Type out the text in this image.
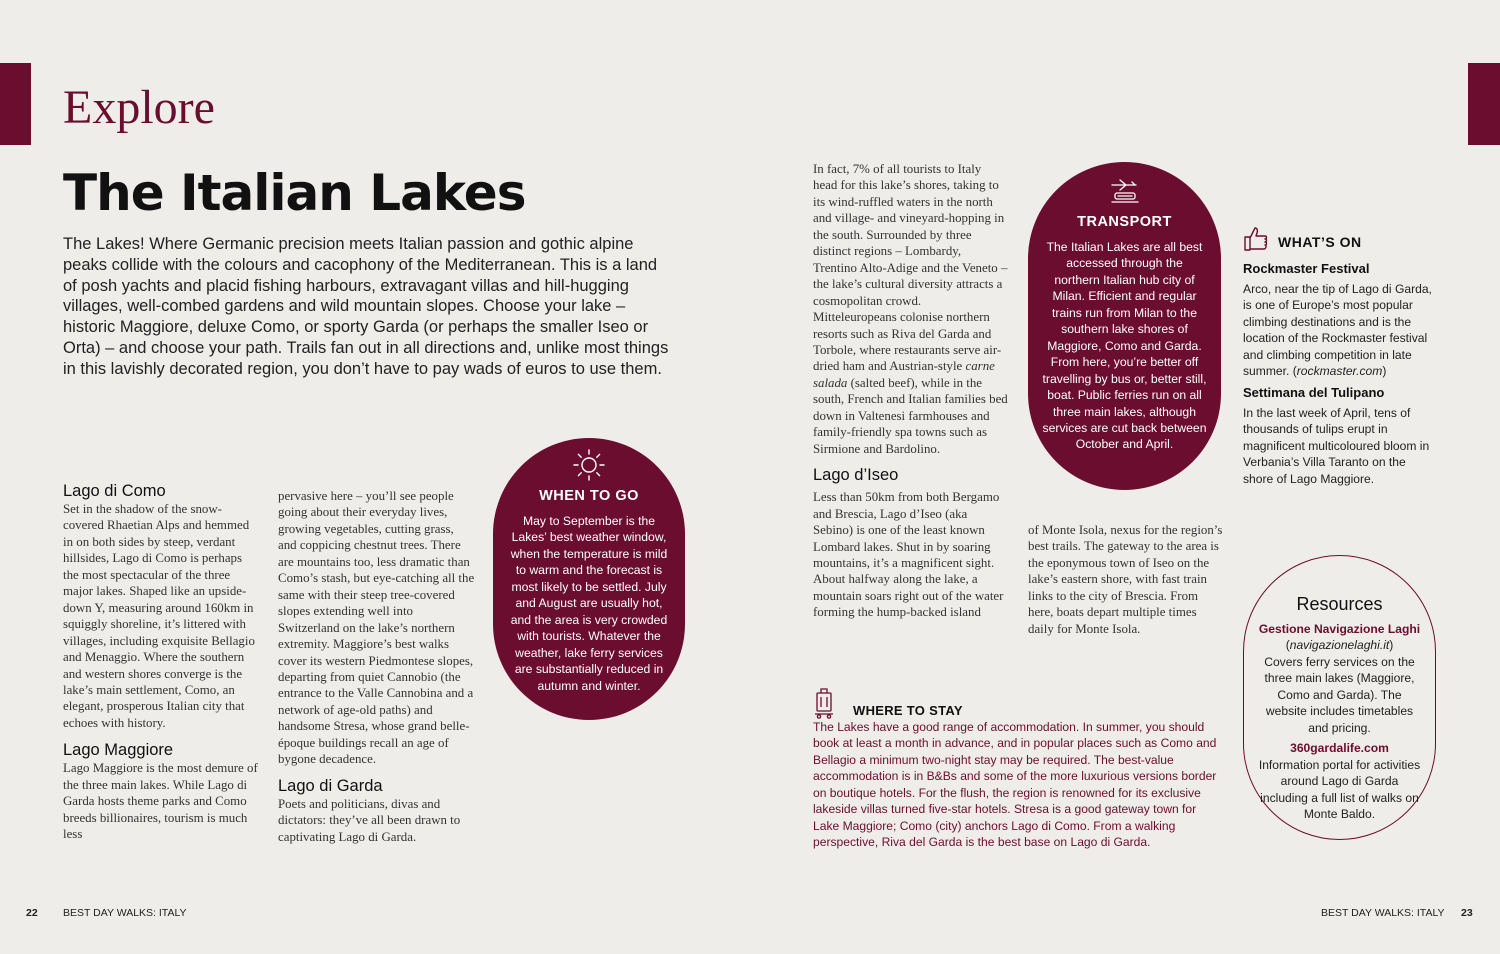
Explore
The Italian Lakes

The Lakes! Where Germanic precision meets Italian passion and gothic alpine peaks collide with the colours and cacophony of the Mediterranean. This is a land of posh yachts and placid fishing harbours, extravagant villas and hill-hugging villages, well-combed gardens and wild mountain slopes. Choose your lake – historic Maggiore, deluxe Como, or sporty Garda (or perhaps the smaller Iseo or Orta) – and choose your path. Trails fan out in all directions and, unlike most things in this lavishly decorated region, you don’t have to pay wads of euros to use them.

Lago di Como

Set in the shadow of the snow-covered Rhaetian Alps and hemmed in on both sides by steep, verdant hillsides, Lago di Como is perhaps the most spectacular of the three major lakes. Shaped like an upside-down Y, measuring around 160km in squiggly shoreline, it’s littered with villages, including exquisite Bellagio and Menaggio. Where the southern and western shores converge is the lake’s main settlement, Como, an elegant, prosperous Italian city that echoes with history.

Lago Maggiore

Lago Maggiore is the most demure of the three main lakes. While Lago di Garda hosts theme parks and Como breeds billionaires, tourism is much less

pervasive here – you’ll see people going about their everyday lives, growing vegetables, cutting grass, and coppicing chestnut trees. There are mountains too, less dramatic than Como’s stash, but eye-catching all the same with their steep tree-covered slopes extending well into Switzerland on the lake’s northern extremity. Maggiore’s best walks cover its western Piedmontese slopes, departing from quiet Cannobio (the entrance to the Valle Cannobina and a network of age-old paths) and handsome Stresa, whose grand belle-époque buildings recall an age of bygone decadence.

Lago di Garda

Poets and politicians, divas and dictators: they’ve all been drawn to captivating Lago di Garda.

WHEN TO GO

May to September is the Lakes’ best weather window, when the temperature is mild to warm and the forecast is most likely to be settled. July and August are usually hot, and the area is very crowded with tourists. Whatever the weather, lake ferry services are substantially reduced in autumn and winter.

In fact, 7% of all tourists to Italy head for this lake’s shores, taking to its wind-ruffled waters in the north and village- and vineyard-hopping in the south. Surrounded by three distinct regions – Lombardy, Trentino Alto-Adige and the Veneto – the lake’s cultural diversity attracts a cosmopolitan crowd. Mitteleuropeans colonise northern resorts such as Riva del Garda and Torbole, where restaurants serve air-dried ham and Austrian-style carne salada (salted beef), while in the south, French and Italian families bed down in Valtenesi farmhouses and family-friendly spa towns such as Sirmione and Bardolino.

Lago d’Iseo

Less than 50km from both Bergamo and Brescia, Lago d’Iseo (aka Sebino) is one of the least known Lombard lakes. Shut in by soaring mountains, it’s a magnificent sight. About halfway along the lake, a mountain soars right out of the water forming the hump-backed island

of Monte Isola, nexus for the region’s best trails. The gateway to the area is the eponymous town of Iseo on the lake’s eastern shore, with fast train links to the city of Brescia. From here, boats depart multiple times daily for Monte Isola.

TRANSPORT

The Italian Lakes are all best accessed through the northern Italian hub city of Milan. Efficient and regular trains run from Milan to the southern lake shores of Maggiore, Como and Garda. From here, you’re better off travelling by bus or, better still, boat. Public ferries run on all three main lakes, although services are cut back between October and April.

WHAT’S ON

Rockmaster Festival

Arco, near the tip of Lago di Garda, is one of Europe’s most popular climbing destinations and is the location of the Rockmaster festival and climbing competition in late summer. (rockmaster.com)

Settimana del Tulipano

In the last week of April, tens of thousands of tulips erupt in magnificent multicoloured bloom in Verbania’s Villa Taranto on the shore of Lago Maggiore.

WHERE TO STAY

The Lakes have a good range of accommodation. In summer, you should book at least a month in advance, and in popular places such as Como and Bellagio a minimum two-night stay may be required. The best-value accommodation is in B&Bs and some of the more luxurious versions border on boutique hotels. For the flush, the region is renowned for its exclusive lakeside villas turned five-star hotels. Stresa is a good gateway town for Lake Maggiore; Como (city) anchors Lago di Como. From a walking perspective, Riva del Garda is the best base on Lago di Garda.

Resources

Gestione Navigazione Laghi (navigazionelaghi.it)

Covers ferry services on the three main lakes (Maggiore, Como and Garda). The website includes timetables and pricing.

360gardalife.com

Information portal for activities around Lago di Garda including a full list of walks on Monte Baldo.

22 BEST DAY WALKS: ITALY	BEST DAY WALKS: ITALY 23
